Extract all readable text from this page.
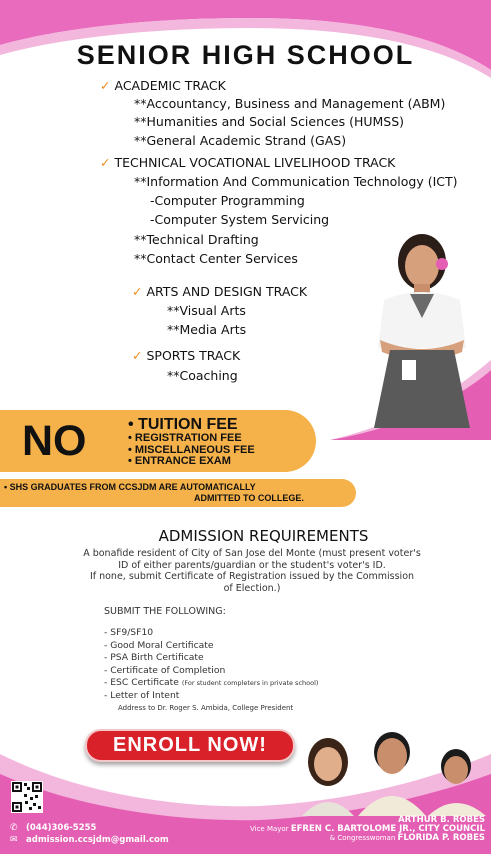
SENIOR HIGH SCHOOL
✓ ACADEMIC TRACK
**Accountancy, Business and Management (ABM)
**Humanities and Social Sciences (HUMSS)
**General Academic Strand (GAS)
✓ TECHNICAL VOCATIONAL LIVELIHOOD TRACK
**Information And Communication Technology (ICT)
-Computer Programming
-Computer System Servicing
**Technical Drafting
**Contact Center Services
✓ ARTS AND DESIGN TRACK
**Visual Arts
**Media Arts
✓ SPORTS TRACK
**Coaching
NO	• TUITION FEE
• REGISTRATION FEE
• MISCELLANEOUS FEE
• ENTRANCE EXAM
• SHS GRADUATES FROM CCSJDM ARE AUTOMATICALLY
ADMITTED TO COLLEGE.
ADMISSION REQUIREMENTS
A bonafide resident of City of San Jose del Monte (must present voter's
ID of either parents/guardian or the student's voter's ID.
If none, submit Certificate of Registration issued by the Commission
of Election.)
SUBMIT THE FOLLOWING:
- SF9/SF10
- Good Moral Certificate
- PSA Birth Certificate
- Certificate of Completion
- ESC Certificate (For student completers in private school)
- Letter of Intent
Address to Dr. Roger S. Ambida, College President
ENROLL NOW!
✆ (044)306-5255
✉ admission.ccsjdm@gmail.com
ARTHUR B. ROBES
Vice Mayor EFREN C. BARTOLOME JR., CITY COUNCIL
& Congresswoman FLORIDA P. ROBES
